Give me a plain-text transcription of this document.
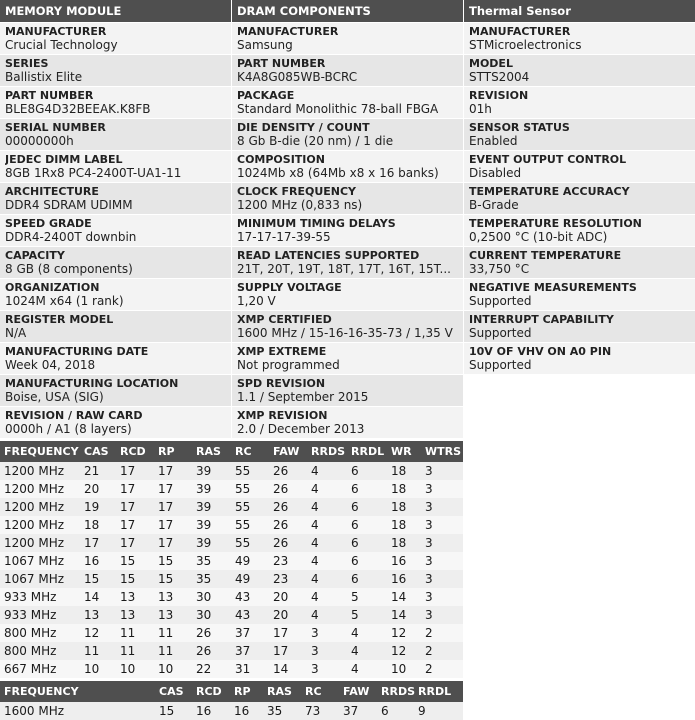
MEMORY MODULE
MANUFACTURER
Crucial Technology
SERIES
Ballistix Elite
PART NUMBER
BLE8G4D32BEEAK.K8FB
SERIAL NUMBER
00000000h
JEDEC DIMM LABEL
8GB 1Rx8 PC4-2400T-UA1-11
ARCHITECTURE
DDR4 SDRAM UDIMM
SPEED GRADE
DDR4-2400T downbin
CAPACITY
8 GB (8 components)
ORGANIZATION
1024M x64 (1 rank)
REGISTER MODEL
N/A
MANUFACTURING DATE
Week 04, 2018
MANUFACTURING LOCATION
Boise, USA (SIG)
REVISION / RAW CARD
0000h / A1 (8 layers)
DRAM COMPONENTS
MANUFACTURER
Samsung
PART NUMBER
K4A8G085WB-BCRC
PACKAGE
Standard Monolithic 78-ball FBGA
DIE DENSITY / COUNT
8 Gb B-die (20 nm) / 1 die
COMPOSITION
1024Mb x8 (64Mb x8 x 16 banks)
CLOCK FREQUENCY
1200 MHz (0,833 ns)
MINIMUM TIMING DELAYS
17-17-17-39-55
READ LATENCIES SUPPORTED
21T, 20T, 19T, 18T, 17T, 16T, 15T...
SUPPLY VOLTAGE
1,20 V
XMP CERTIFIED
1600 MHz / 15-16-16-35-73 / 1,35 V
XMP EXTREME
Not programmed
SPD REVISION
1.1 / September 2015
XMP REVISION
2.0 / December 2013
Thermal Sensor
MANUFACTURER
STMicroelectronics
MODEL
STTS2004
REVISION
01h
SENSOR STATUS
Enabled
EVENT OUTPUT CONTROL
Disabled
TEMPERATURE ACCURACY
B-Grade
TEMPERATURE RESOLUTION
0,2500 °C (10-bit ADC)
CURRENT TEMPERATURE
33,750 °C
NEGATIVE MEASUREMENTS
Supported
INTERRUPT CAPABILITY
Supported
10V OF VHV ON A0 PIN
Supported
FREQUENCY	CAS	RCD	RP	RAS	RC	FAW	RRDS	RRDL	WR	WTRS
1200 MHz	21	17	17	39	55	26	4	6	18	3
1200 MHz	20	17	17	39	55	26	4	6	18	3
1200 MHz	19	17	17	39	55	26	4	6	18	3
1200 MHz	18	17	17	39	55	26	4	6	18	3
1200 MHz	17	17	17	39	55	26	4	6	18	3
1067 MHz	16	15	15	35	49	23	4	6	16	3
1067 MHz	15	15	15	35	49	23	4	6	16	3
933 MHz	14	13	13	30	43	20	4	5	14	3
933 MHz	13	13	13	30	43	20	4	5	14	3
800 MHz	12	11	11	26	37	17	3	4	12	2
800 MHz	11	11	11	26	37	17	3	4	12	2
667 MHz	10	10	10	22	31	14	3	4	10	2
FREQUENCY		CAS	RCD	RP	RAS	RC	FAW	RRDS	RRDL
1600 MHz		15	16	16	35	73	37	6	9
